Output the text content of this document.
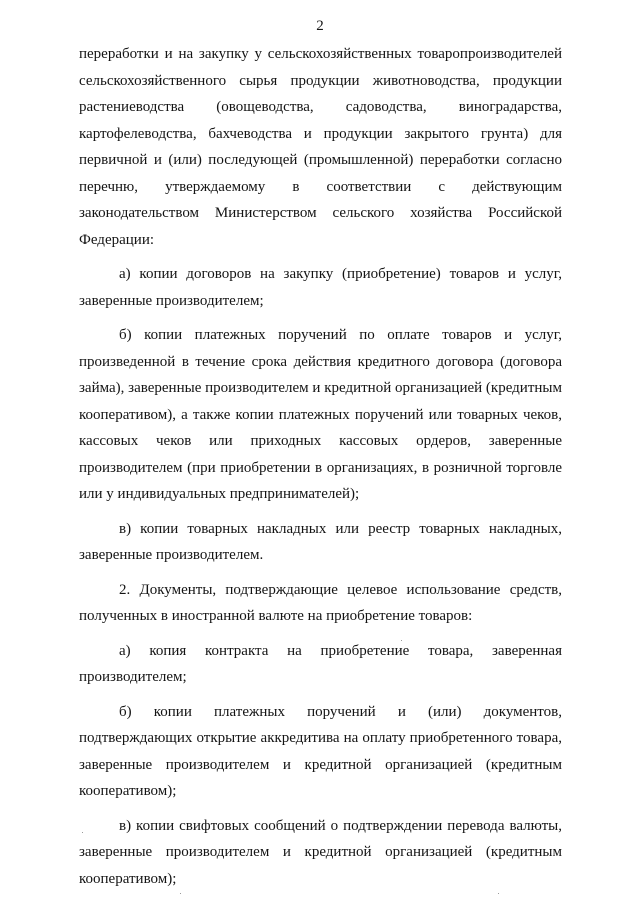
2

переработки и на закупку у сельскохозяйственных товаропроизводителей сельскохозяйственного сырья продукции животноводства, продукции растениеводства (овощеводства, садоводства, виноградарства, картофелеводства, бахчеводства и продукции закрытого грунта) для первичной и (или) последующей (промышленной) переработки согласно перечню, утверждаемому в соответствии с действующим законодательством Министерством сельского хозяйства Российской Федерации:

а) копии договоров на закупку (приобретение) товаров и услуг, заверенные производителем;

б) копии платежных поручений по оплате товаров и услуг, произведенной в течение срока действия кредитного договора (договора займа), заверенные производителем и кредитной организацией (кредитным кооперативом), а также копии платежных поручений или товарных чеков, кассовых чеков или приходных кассовых ордеров, заверенные производителем (при приобретении в организациях, в розничной торговле или у индивидуальных предпринимателей);

в) копии товарных накладных или реестр товарных накладных, заверенные производителем.

2. Документы, подтверждающие целевое использование средств, полученных в иностранной валюте на приобретение товаров:

а) копия контракта на приобретение товара, заверенная производителем;

б) копии платежных поручений и (или) документов, подтверждающих открытие аккредитива на оплату приобретенного товара, заверенные производителем и кредитной организацией (кредитным кооперативом);

в) копии свифтовых сообщений о подтверждении перевода валюты, заверенные производителем и кредитной организацией (кредитным кооперативом);
